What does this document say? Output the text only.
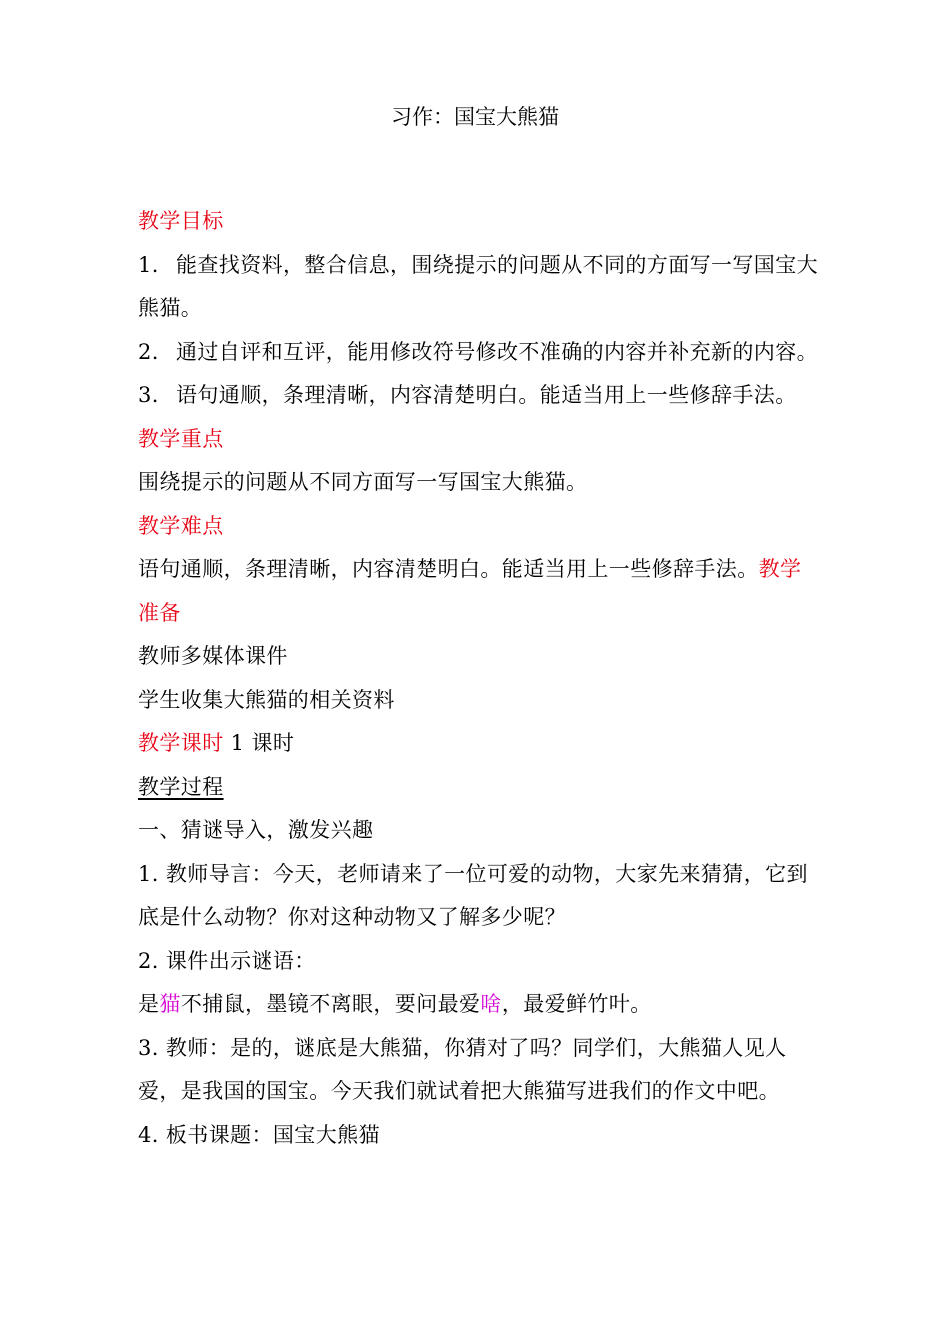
习作：国宝大熊猫

教学目标

1. 能查找资料，整合信息，围绕提示的问题从不同的方面写一写国宝大熊猫。

2. 通过自评和互评，能用修改符号修改不准确的内容并补充新的内容。

3. 语句通顺，条理清晰，内容清楚明白。能适当用上一些修辞手法。

教学重点

围绕提示的问题从不同方面写一写国宝大熊猫。

教学难点

语句通顺，条理清晰，内容清楚明白。能适当用上一些修辞手法。教学准备

教师多媒体课件

学生收集大熊猫的相关资料

教学课时 1 课时

教学过程

一、猜谜导入，激发兴趣

1. 教师导言：今天，老师请来了一位可爱的动物，大家先来猜猜，它到底是什么动物？你对这种动物又了解多少呢？

2. 课件出示谜语：

是猫不捕鼠，墨镜不离眼，要问最爱啥，最爱鲜竹叶。

3. 教师：是的，谜底是大熊猫，你猜对了吗？同学们，大熊猫人见人爱，是我国的国宝。今天我们就试着把大熊猫写进我们的作文中吧。

4. 板书课题：国宝大熊猫
